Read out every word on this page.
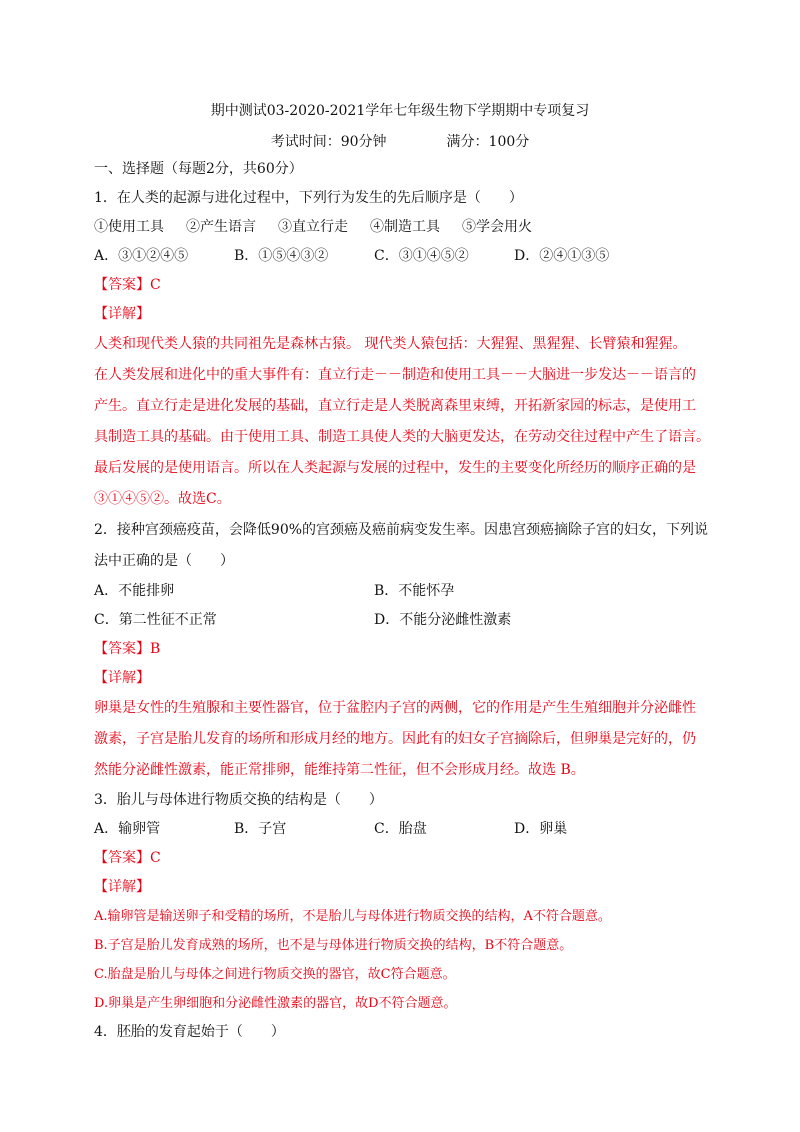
期中测试03-2020-2021学年七年级生物下学期期中专项复习
考试时间：90分钟	满分：100分
一、选择题（每题2分，共60分）
1．在人类的起源与进化过程中，下列行为发生的先后顺序是（　　）
①使用工具 ②产生语言 ③直立行走 ④制造工具 ⑤学会用火
A．③①②④⑤	B．①⑤④③②	C．③①④⑤②	D．②④①③⑤
【答案】C
【详解】
人类和现代类人猿的共同祖先是森林古猿。 现代类人猿包括：大猩猩、黑猩猩、长臂猿和猩猩。
在人类发展和进化中的重大事件有：直立行走－－制造和使用工具－－大脑进一步发达－－语言的
产生。直立行走是进化发展的基础，直立行走是人类脱离森里束缚，开拓新家园的标志，是使用工
具制造工具的基础。由于使用工具、制造工具使人类的大脑更发达，在劳动交往过程中产生了语言。
最后发展的是使用语言。所以在人类起源与发展的过程中，发生的主要变化所经历的顺序正确的是
③①④⑤②。故选C。
2．接种宫颈癌疫苗，会降低90%的宫颈癌及癌前病变发生率。因患宫颈癌摘除子宫的妇女，下列说
法中正确的是（　　）
A．不能排卵	B．不能怀孕
C．第二性征不正常	D．不能分泌雌性激素
【答案】B
【详解】
卵巢是女性的生殖腺和主要性器官，位于盆腔内子宫的两侧，它的作用是产生生殖细胞并分泌雌性
激素，子宫是胎儿发育的场所和形成月经的地方。因此有的妇女子宫摘除后，但卵巢是完好的，仍
然能分泌雌性激素，能正常排卵，能维持第二性征，但不会形成月经。故选 B。
3．胎儿与母体进行物质交换的结构是（　　）
A．输卵管	B．子宫	C．胎盘	D．卵巢
【答案】C
【详解】
A.输卵管是输送卵子和受精的场所，不是胎儿与母体进行物质交换的结构，A不符合题意。
B.子宫是胎儿发育成熟的场所，也不是与母体进行物质交换的结构，B不符合题意。
C.胎盘是胎儿与母体之间进行物质交换的器官，故C符合题意。
D.卵巢是产生卵细胞和分泌雌性激素的器官，故D不符合题意。
4．胚胎的发育起始于（　　）
